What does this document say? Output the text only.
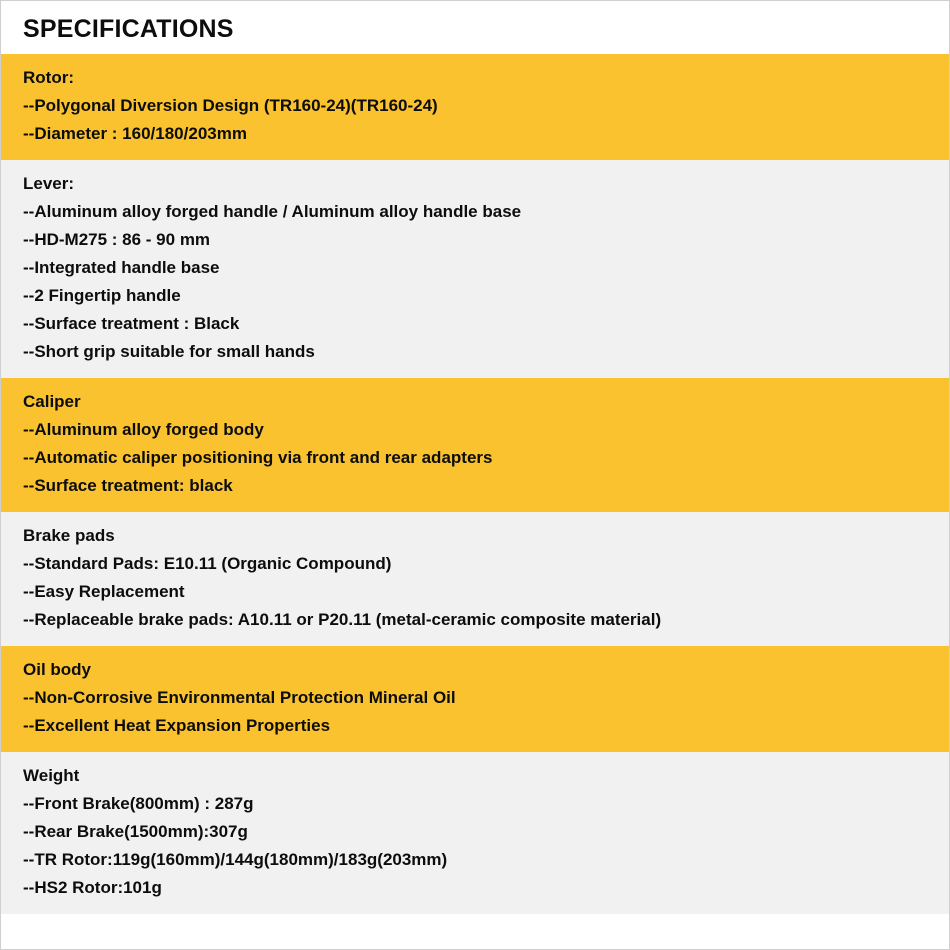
SPECIFICATIONS
Rotor:
--Polygonal Diversion Design (TR160-24)(TR160-24)
--Diameter : 160/180/203mm
Lever:
--Aluminum alloy forged handle / Aluminum alloy handle base
--HD-M275 : 86 - 90 mm
--Integrated handle base
--2 Fingertip handle
--Surface treatment : Black
--Short grip suitable for small hands
Caliper
--Aluminum alloy forged body
--Automatic caliper positioning via front and rear adapters
--Surface treatment: black
Brake pads
--Standard Pads: E10.11 (Organic Compound)
--Easy Replacement
--Replaceable brake pads: A10.11 or P20.11 (metal-ceramic composite material)
Oil body
--Non-Corrosive Environmental Protection Mineral Oil
--Excellent Heat Expansion Properties
Weight
--Front Brake(800mm) : 287g
--Rear Brake(1500mm):307g
--TR Rotor:119g(160mm)/144g(180mm)/183g(203mm)
--HS2 Rotor:101g
